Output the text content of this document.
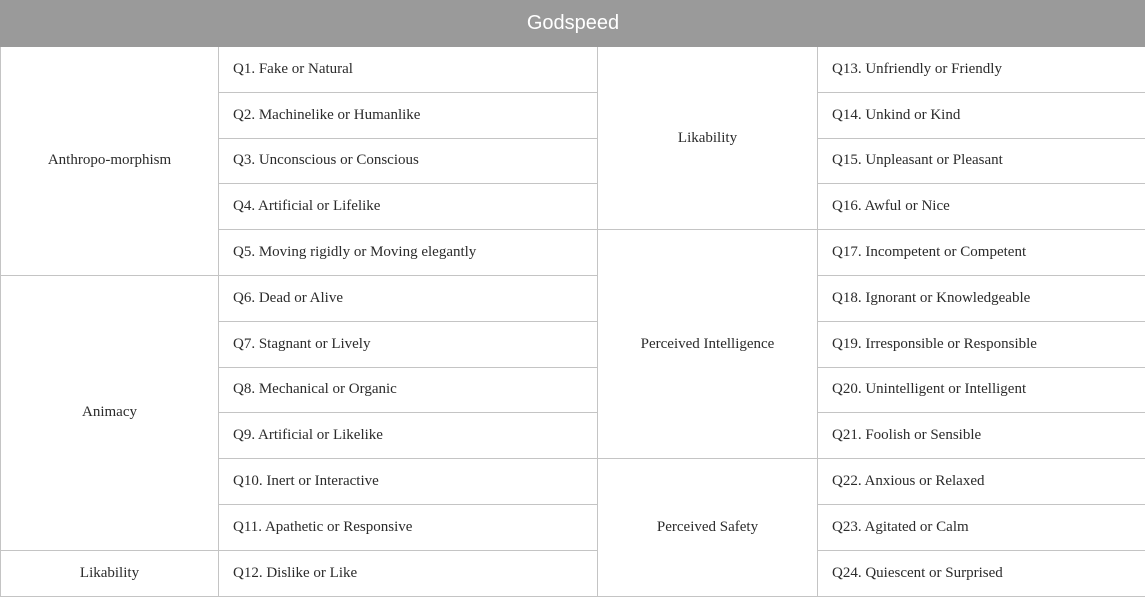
Godspeed			
Anthropo-morphism	Q1. Fake or Natural	Likability	Q13. Unfriendly or Friendly
	Q2. Machinelike or Humanlike		Q14. Unkind or Kind
	Q3. Unconscious or Conscious		Q15. Unpleasant or Pleasant
	Q4. Artificial or Lifelike		Q16. Awful or Nice
	Q5. Moving rigidly or Moving elegantly	Perceived Intelligence	Q17. Incompetent or Competent
Animacy	Q6. Dead or Alive		Q18. Ignorant or Knowledgeable
	Q7. Stagnant or Lively		Q19. Irresponsible or Responsible
	Q8. Mechanical or Organic		Q20. Unintelligent or Intelligent
	Q9. Artificial or Likelike		Q21. Foolish or Sensible
	Q10. Inert or Interactive	Perceived Safety	Q22. Anxious or Relaxed
	Q11. Apathetic or Responsive		Q23. Agitated or Calm
Likability	Q12. Dislike or Like		Q24. Quiescent or Surprised
